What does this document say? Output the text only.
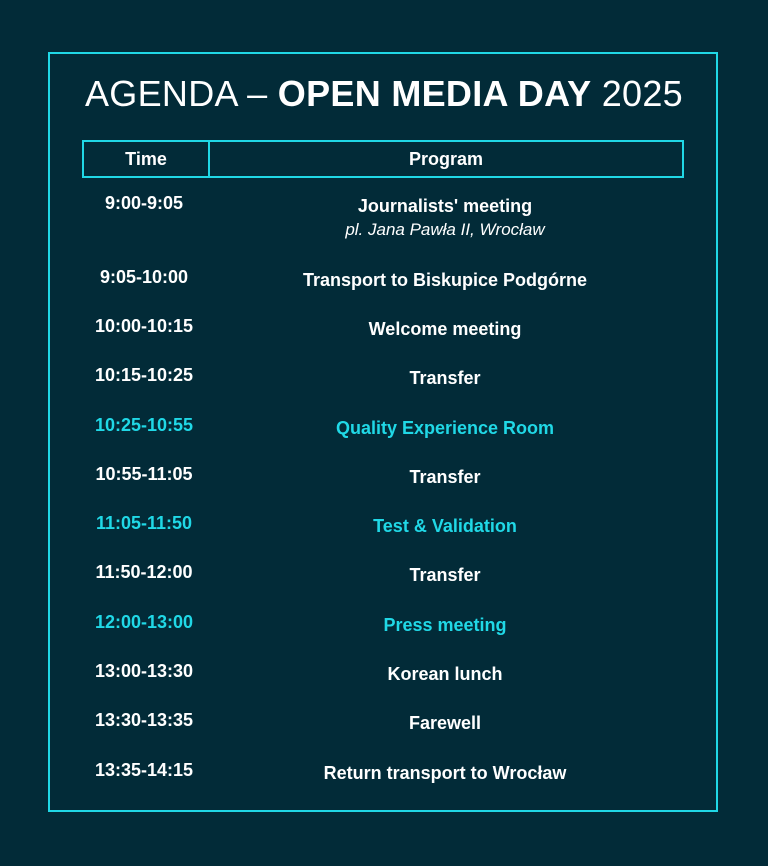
AGENDA – OPEN MEDIA DAY 2025
Time	Program
9:00-9:05	Journalists' meeting
pl. Jana Pawła II, Wrocław
9:05-10:00	Transport to Biskupice Podgórne
10:00-10:15	Welcome meeting
10:15-10:25	Transfer
10:25-10:55	Quality Experience Room
10:55-11:05	Transfer
11:05-11:50	Test & Validation
11:50-12:00	Transfer
12:00-13:00	Press meeting
13:00-13:30	Korean lunch
13:30-13:35	Farewell
13:35-14:15	Return transport to Wrocław
